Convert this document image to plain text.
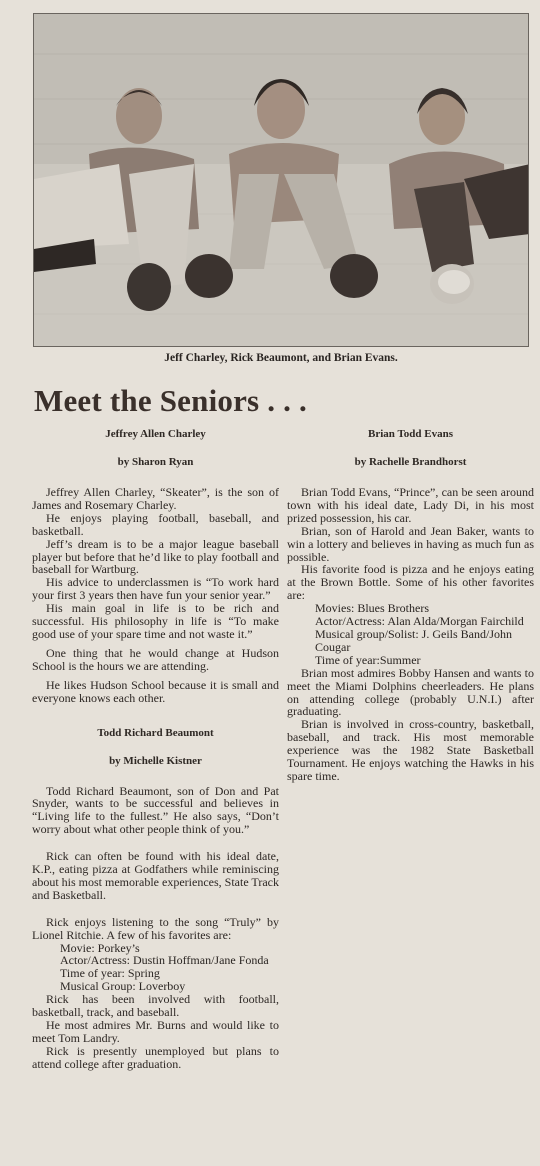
Jeff Charley, Rick Beaumont, and Brian Evans.
Meet the Seniors . . .
Jeffrey Allen Charley
by Sharon Ryan

Jeffrey Allen Charley, “Skeater”, is the son of James and Rosemary Charley.

He enjoys playing football, baseball, and basketball.

Jeff’s dream is to be a major league baseball player but before that he’d like to play football and baseball for Wartburg.

His advice to underclassmen is “To work hard your first 3 years then have fun your senior year.”

His main goal in life is to be rich and successful. His philosophy in life is “To make good use of your spare time and not waste it.”

One thing that he would change at Hudson School is the hours we are attending.

He likes Hudson School because it is small and everyone knows each other.

Todd Richard Beaumont
by Michelle Kistner

Todd Richard Beaumont, son of Don and Pat Snyder, wants to be successful and believes in “Living life to the fullest.” He also says, “Don’t worry about what other people think of you.”

Rick can often be found with his ideal date, K.P., eating pizza at Godfathers while reminiscing about his most memorable experiences, State Track and Basketball.

Rick enjoys listening to the song “Truly” by Lionel Ritchie. A few of his favorites are:

Movie: Porkey’s
Actor/Actress: Dustin Hoffman/Jane Fonda
Time of year: Spring
Musical Group: Loverboy

Rick has been involved with football, basketball, track, and baseball.

He most admires Mr. Burns and would like to meet Tom Landry.

Rick is presently unemployed but plans to attend college after graduation.

Brian Todd Evans
by Rachelle Brandhorst

Brian Todd Evans, “Prince”, can be seen around town with his ideal date, Lady Di, in his most prized possession, his car.

Brian, son of Harold and Jean Baker, wants to win a lottery and believes in having as much fun as possible.

His favorite food is pizza and he enjoys eating at the Brown Bottle. Some of his other favorites are:

Movies: Blues Brothers
Actor/Actress: Alan Alda/Morgan Fairchild
Musical group/Solist: J. Geils Band/John Cougar
Time of year:Summer

Brian most admires Bobby Hansen and wants to meet the Miami Dolphins cheerleaders. He plans on attending college (probably U.N.I.) after graduating.

Brian is involved in cross-country, basketball, baseball, and track. His most memorable experience was the 1982 State Basketball Tournament. He enjoys watching the Hawks in his spare time.
